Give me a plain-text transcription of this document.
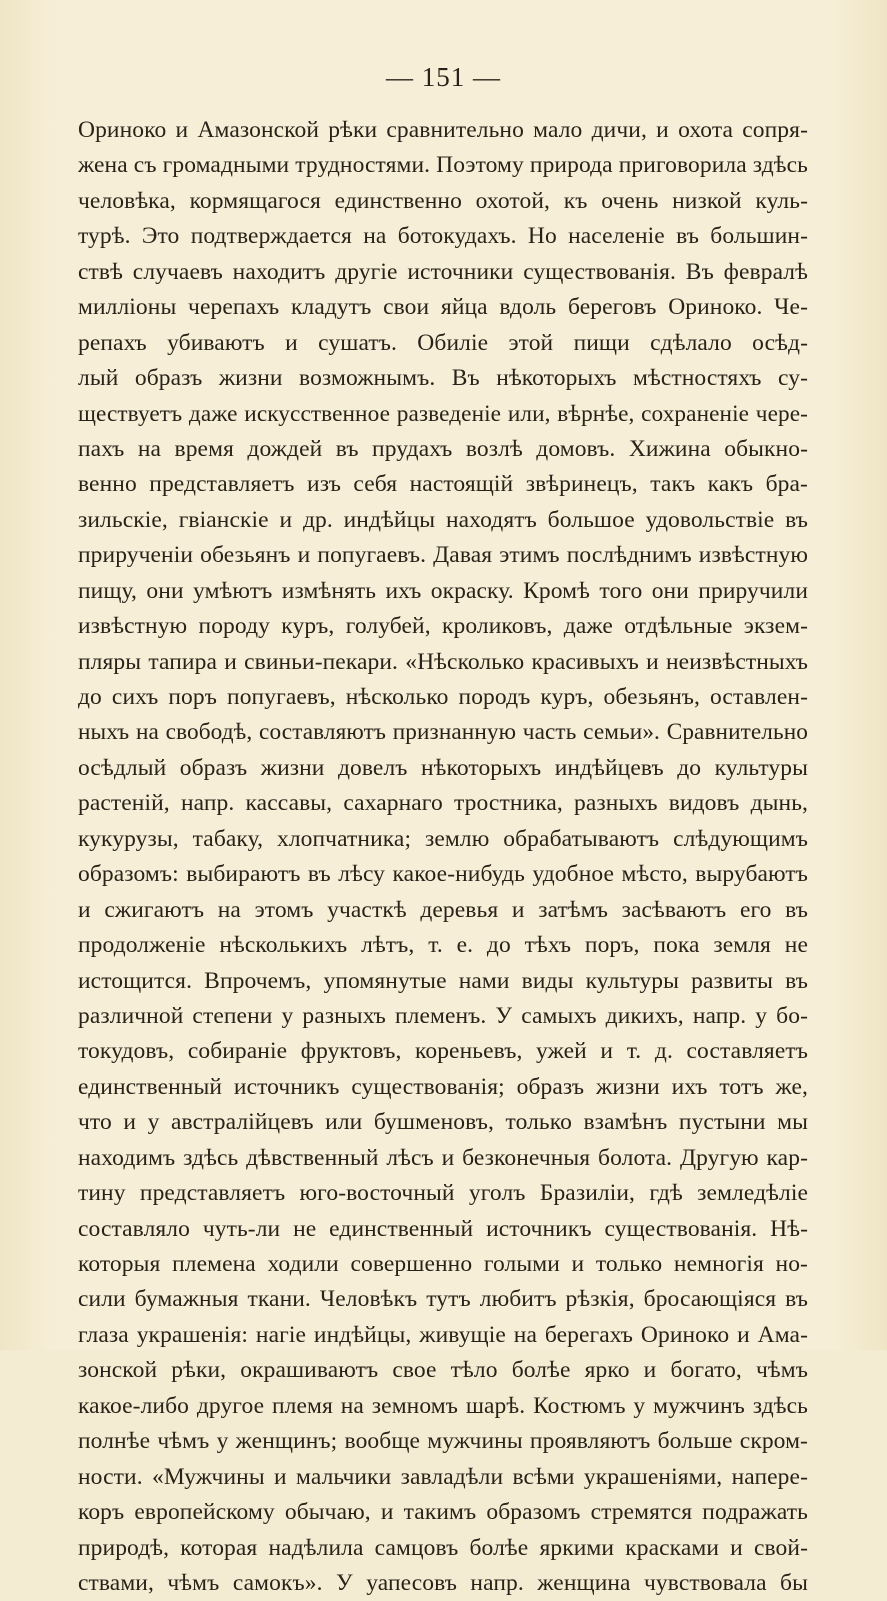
— 151 —
Ориноко и Амазонской рѣки сравнительно мало дичи, и охота сопря-
жена съ громадными трудностями. Поэтому природа приговорила здѣсь
человѣка, кормящагося единственно охотой, къ очень низкой куль-
турѣ. Это подтверждается на ботокудахъ. Но населеніе въ большин-
ствѣ случаевъ находитъ другіе источники существованія. Въ февралѣ
милліоны черепахъ кладутъ свои яйца вдоль береговъ Ориноко. Че-
репахъ убиваютъ и сушатъ. Обиліе этой пищи сдѣлало осѣд-
лый образъ жизни возможнымъ. Въ нѣкоторыхъ мѣстностяхъ су-
ществуетъ даже искусственное разведеніе или, вѣрнѣе, сохраненіе чере-
пахъ на время дождей въ прудахъ возлѣ домовъ. Хижина обыкно-
венно представляетъ изъ себя настоящій звѣринецъ, такъ какъ бра-
зильскіе, гвіанскіе и др. индѣйцы находятъ большое удовольствіе въ
прирученіи обезьянъ и попугаевъ. Давая этимъ послѣднимъ извѣстную
пищу, они умѣютъ измѣнять ихъ окраску. Кромѣ того они приручили
извѣстную породу куръ, голубей, кроликовъ, даже отдѣльные экзем-
пляры тапира и свиньи-пекари. «Нѣсколько красивыхъ и неизвѣстныхъ
до сихъ поръ попугаевъ, нѣсколько породъ куръ, обезьянъ, оставлен-
ныхъ на свободѣ, составляютъ признанную часть семьи». Сравнительно
осѣдлый образъ жизни довелъ нѣкоторыхъ индѣйцевъ до культуры
растеній, напр. кассавы, сахарнаго тростника, разныхъ видовъ дынь,
кукурузы, табаку, хлопчатника; землю обрабатываютъ слѣдующимъ
образомъ: выбираютъ въ лѣсу какое-нибудь удобное мѣсто, вырубаютъ
и сжигаютъ на этомъ участкѣ деревья и затѣмъ засѣваютъ его въ
продолженіе нѣсколькихъ лѣтъ, т. е. до тѣхъ поръ, пока земля не
истощится. Впрочемъ, упомянутые нами виды культуры развиты въ
различной степени у разныхъ племенъ. У самыхъ дикихъ, напр. у бо-
токудовъ, собираніе фруктовъ, кореньевъ, ужей и т. д. составляетъ
единственный источникъ существованія; образъ жизни ихъ тотъ же,
что и у австралійцевъ или бушменовъ, только взамѣнъ пустыни мы
находимъ здѣсь дѣвственный лѣсъ и безконечныя болота. Другую кар-
тину представляетъ юго-восточный уголъ Бразиліи, гдѣ земледѣліе
составляло чуть-ли не единственный источникъ существованія. Нѣ-
которыя племена ходили совершенно голыми и только немногія но-
сили бумажныя ткани. Человѣкъ тутъ любитъ рѣзкія, бросающіяся въ
глаза украшенія: нагіе индѣйцы, живущіе на берегахъ Ориноко и Ама-
зонской рѣки, окрашиваютъ свое тѣло болѣе ярко и богато, чѣмъ
какое-либо другое племя на земномъ шарѣ. Костюмъ у мужчинъ здѣсь
полнѣе чѣмъ у женщинъ; вообще мужчины проявляютъ больше скром-
ности. «Мужчины и мальчики завладѣли всѣми украшеніями, напере-
коръ европейскому обычаю, и такимъ образомъ стремятся подражать
природѣ, которая надѣлила самцовъ болѣе яркими красками и свой-
ствами, чѣмъ самокъ». У уапесовъ напр. женщина чувствовала бы
